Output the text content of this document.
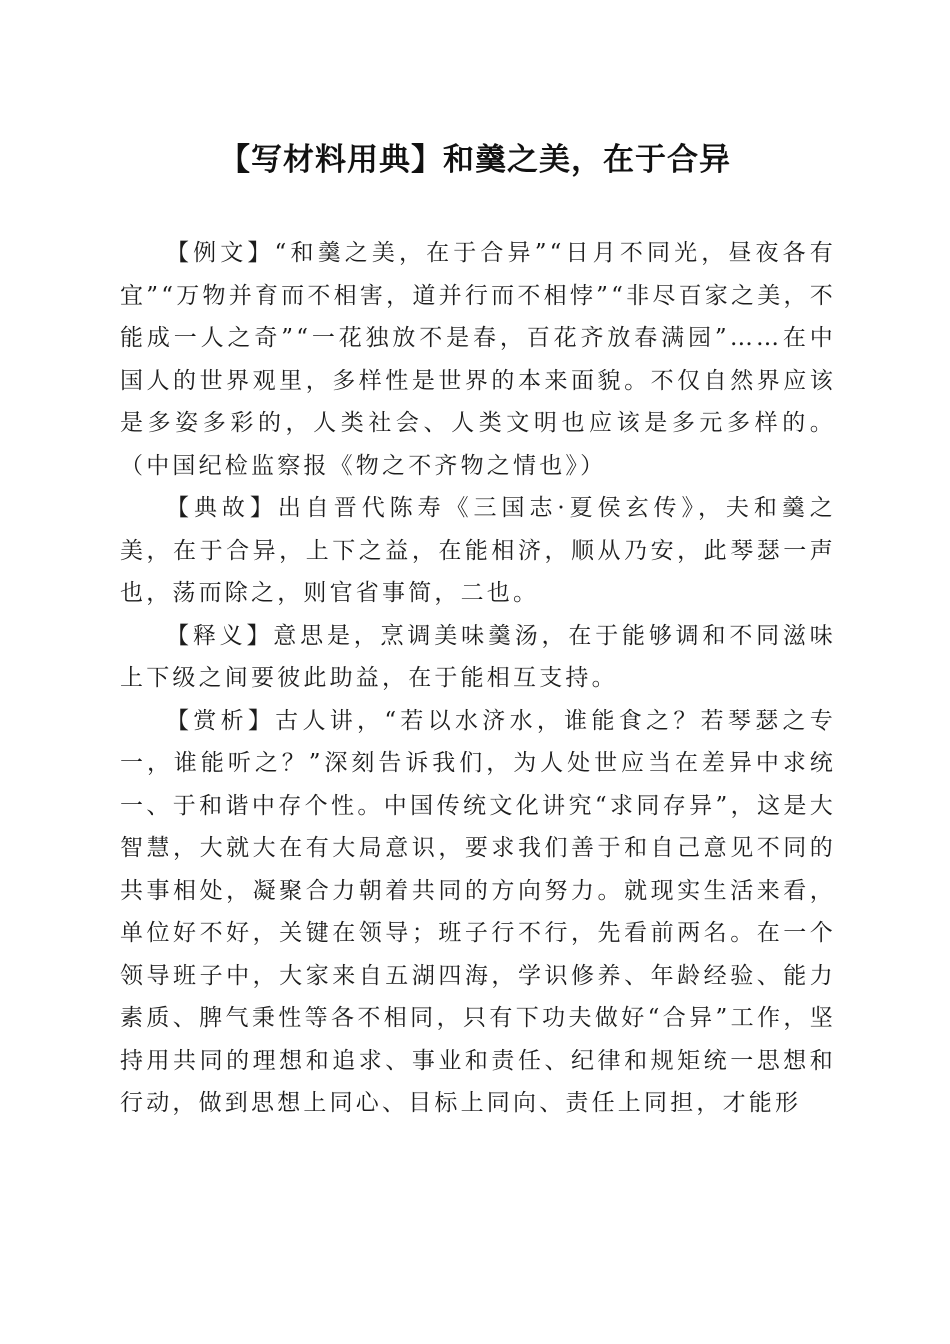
【写材料用典】和羹之美，在于合异

【例文】“和羹之美，在于合异”“日月不同光，昼夜各有宜”“万物并育而不相害，道并行而不相悖”“非尽百家之美，不能成一人之奇”“一花独放不是春，百花齐放春满园”……在中国人的世界观里，多样性是世界的本来面貌。不仅自然界应该是多姿多彩的，人类社会、人类文明也应该是多元多样的。（中国纪检监察报《物之不齐物之情也》）

【典故】出自晋代陈寿《三国志·夏侯玄传》，夫和羹之美，在于合异，上下之益，在能相济，顺从乃安，此琴瑟一声也，荡而除之，则官省事简，二也。

【释义】意思是，烹调美味羹汤，在于能够调和不同滋味上下级之间要彼此助益，在于能相互支持。

【赏析】古人讲，“若以水济水，谁能食之？若琴瑟之专一，谁能听之？”深刻告诉我们，为人处世应当在差异中求统一、于和谐中存个性。中国传统文化讲究“求同存异”，这是大智慧，大就大在有大局意识，要求我们善于和自己意见不同的共事相处，凝聚合力朝着共同的方向努力。就现实生活来看，单位好不好，关键在领导；班子行不行，先看前两名。在一个领导班子中，大家来自五湖四海，学识修养、年龄经验、能力素质、脾气秉性等各不相同，只有下功夫做好“合异”工作，坚持用共同的理想和追求、事业和责任、纪律和规矩统一思想和行动，做到思想上同心、目标上同向、责任上同担，才能形
